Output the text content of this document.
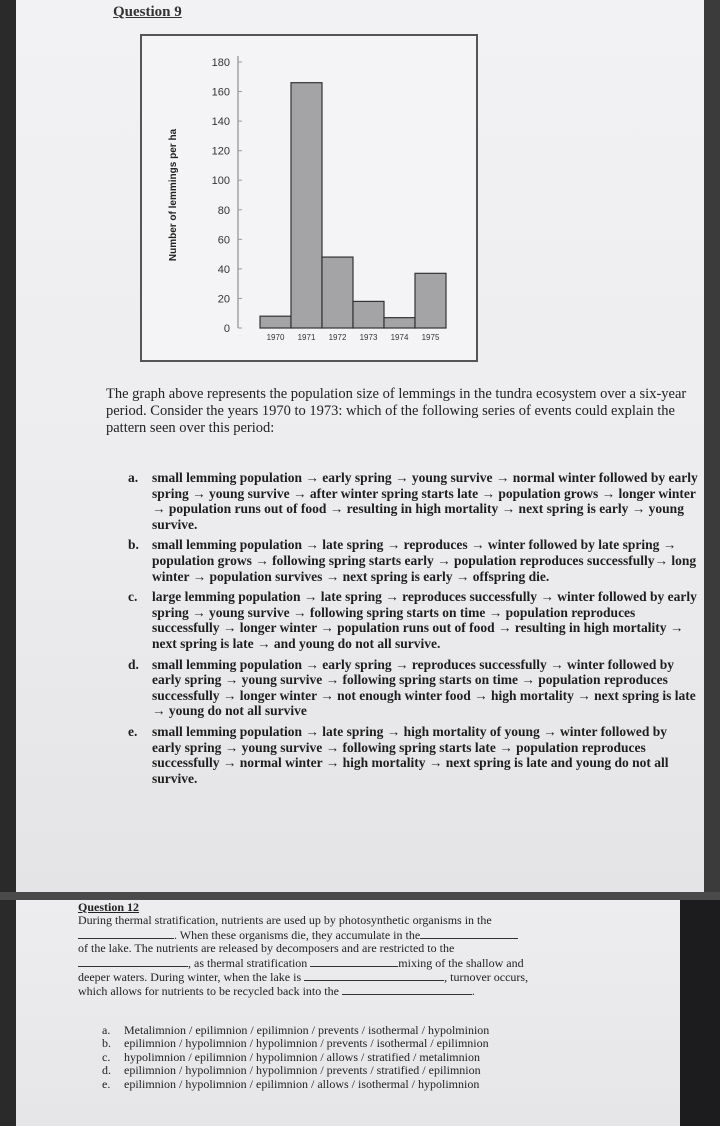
Question 9
0
20
40
60
80
100
120
140
160
180
Number of lemmings per ha
1970 1971 1972 1973 1974 1975
The graph above represents the population size of lemmings in the tundra ecosystem over a six-year period. Consider the years 1970 to 1973: which of the following series of events could explain the pattern seen over this period:
a.	small lemming population → early spring → young survive → normal winter followed by early spring → young survive → after winter spring starts late → population grows → longer winter → population runs out of food → resulting in high mortality → next spring is early → young survive.
b. small lemming population → late spring → reproduces → winter followed by late spring → population grows → following spring starts early → population reproduces successfully→ long winter → population survives → next spring is early → offspring die.
c.	large lemming population → late spring → reproduces successfully → winter followed by early spring → young survive → following spring starts on time → population reproduces successfully → longer winter → population runs out of food → resulting in high mortality → next spring is late → and young do not all survive.
d. small lemming population → early spring → reproduces successfully → winter followed by early spring → young survive → following spring starts on time → population reproduces successfully → longer winter → not enough winter food → high mortality → next spring is late → young do not all survive
e.	small lemming population → late spring → high mortality of young → winter followed by early spring → young survive → following spring starts late → population reproduces successfully → normal winter → high mortality → next spring is late and young do not all survive.
Question 12
During thermal stratification, nutrients are used up by photosynthetic organisms in the
. When these organisms die, they accumulate in the
of the lake. The nutrients are released by decomposers and are restricted to the
, as thermal stratification	mixing of the shallow and
deeper waters. During winter, when the lake is	, turnover occurs,
which allows for nutrients to be recycled back into the	.
a.	Metalimnion / epilimnion / epilimnion / prevents / isothermal / hypolminion
b.	epilimnion / hypolimnion / hypolimnion / prevents / isothermal / epilimnion
c.	hypolimnion / epilimnion / hypolimnion / allows / stratified / metalimnion
d.	epilimnion / hypolimnion / hypolimnion / prevents / stratified / epilimnion
e.	epilimnion / hypolimnion / epilimnion / allows / isothermal / hypolimnion
